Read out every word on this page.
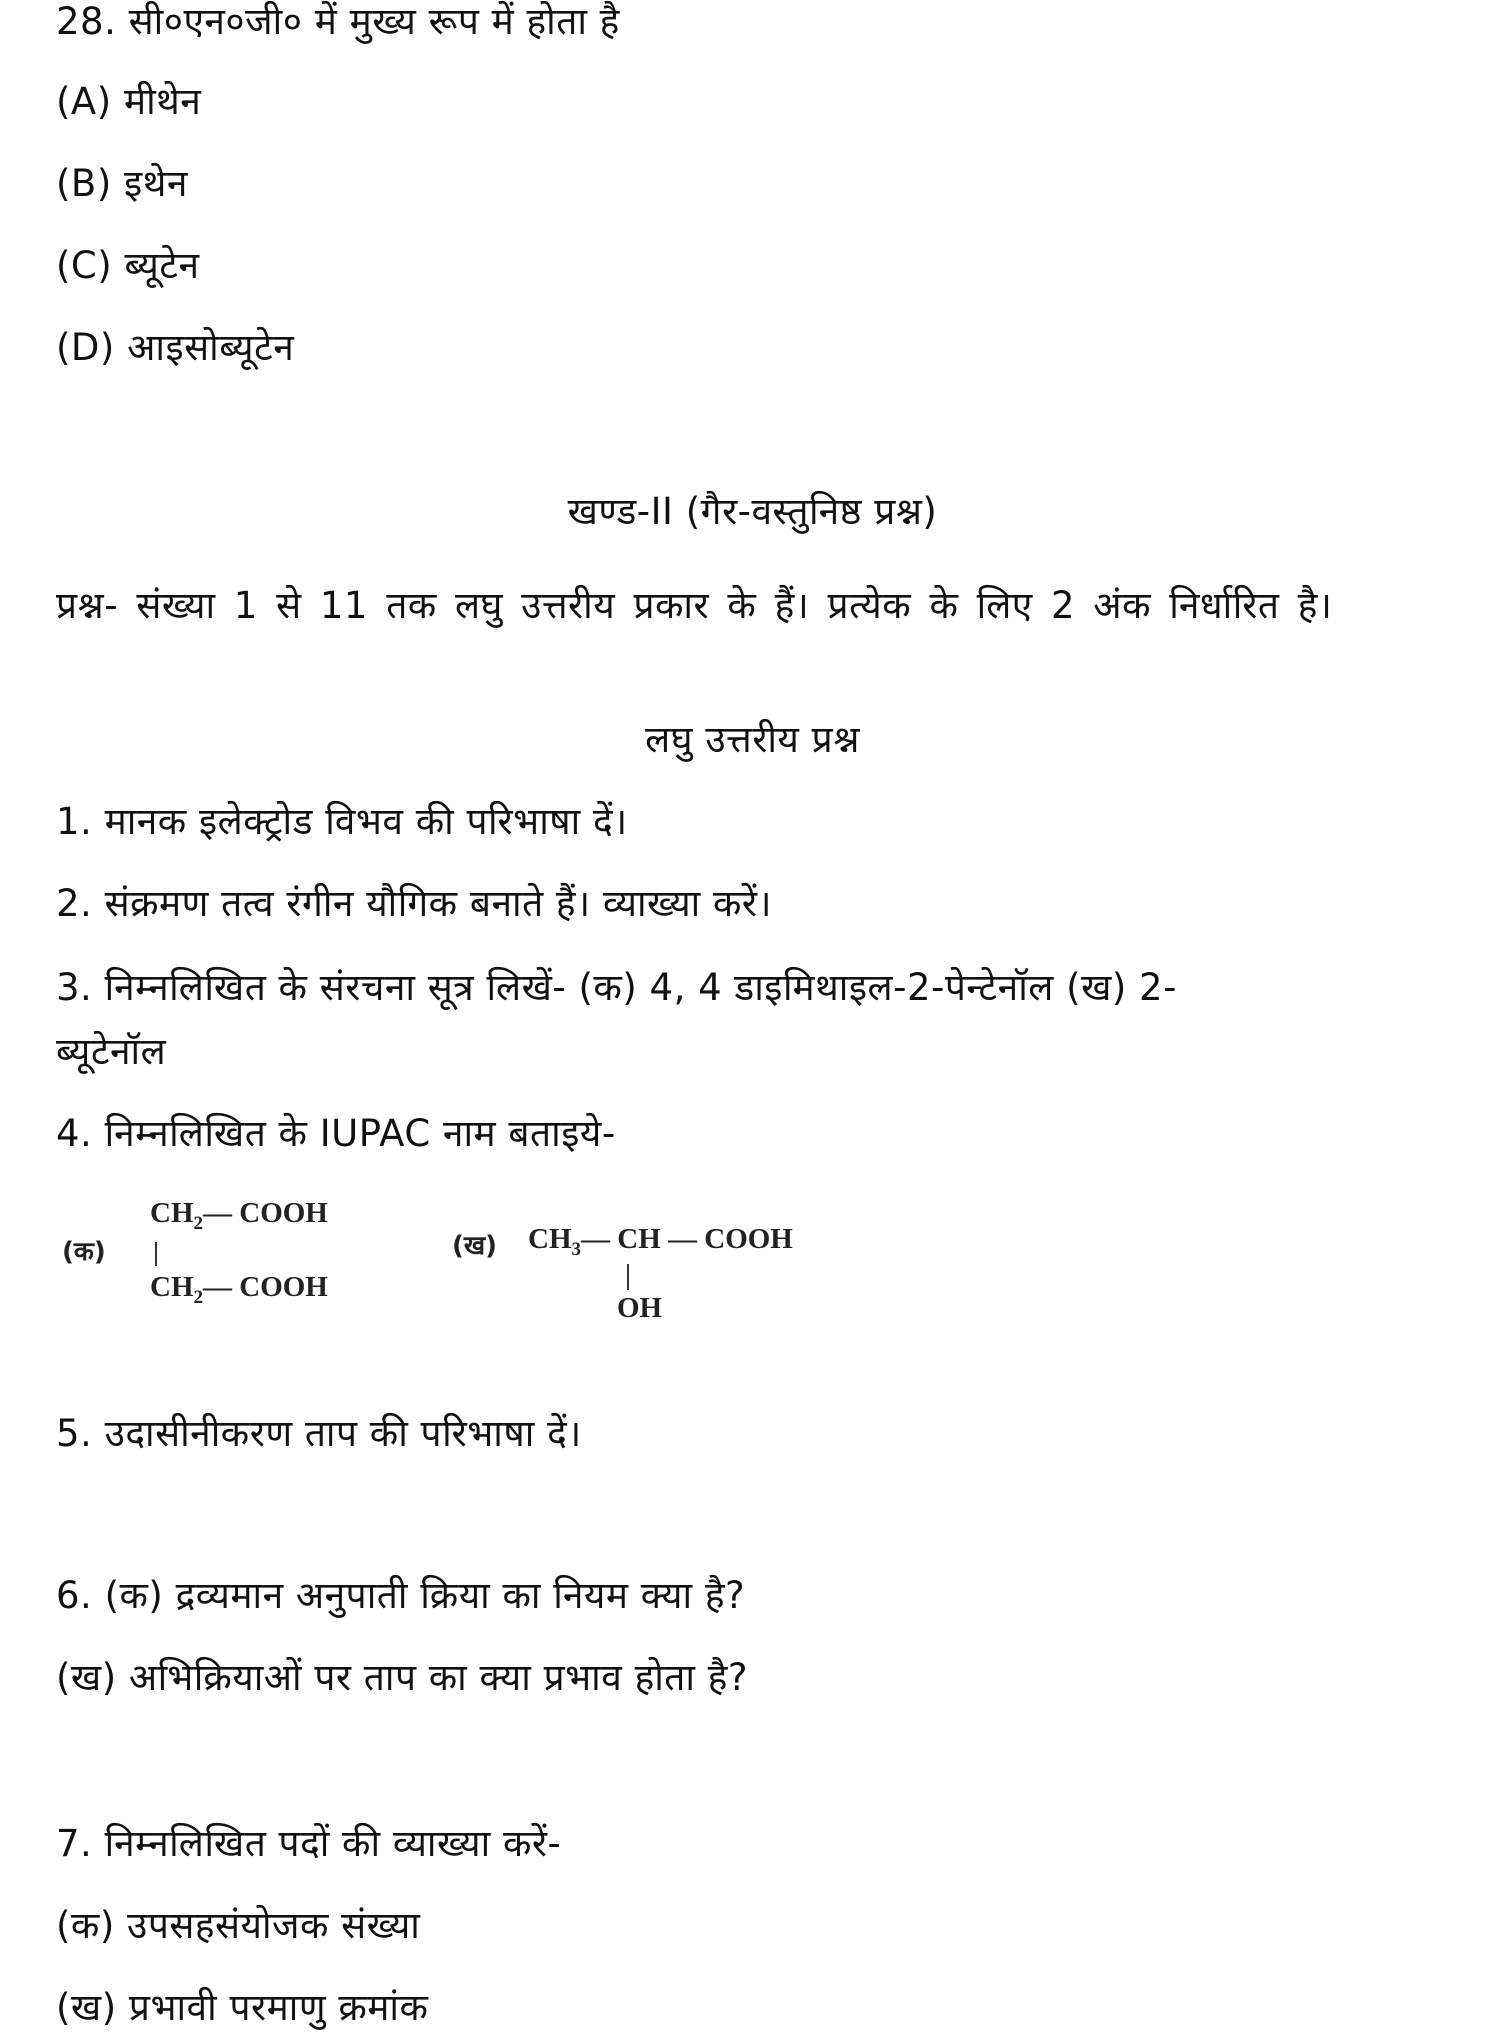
28. सी०एन०जी० में मुख्य रूप में होता है
(A) मीथेन
(B) इथेन
(C) ब्यूटेन
(D) आइसोब्यूटेन
खण्ड-II (गैर-वस्तुनिष्ठ प्रश्न)
प्रश्न- संख्या 1 से 11 तक लघु उत्तरीय प्रकार के हैं। प्रत्येक के लिए 2 अंक निर्धारित है।
लघु उत्तरीय प्रश्न
1. मानक इलेक्ट्रोड विभव की परिभाषा दें।
2. संक्रमण तत्व रंगीन यौगिक बनाते हैं। व्याख्या करें।
3. निम्नलिखित के संरचना सूत्र लिखें- (क) 4, 4 डाइमिथाइल-2-पेन्टेनॉल (ख) 2-
ब्यूटेनॉल
4. निम्नलिखित के IUPAC नाम बताइये-
(क)
$CH_2—$ COOH
$CH_2—$ COOH
(ख) $CH_3—$ CH — COOH
OH
5. उदासीनीकरण ताप की परिभाषा दें।
6. (क) द्रव्यमान अनुपाती क्रिया का नियम क्या है?
(ख) अभिक्रियाओं पर ताप का क्या प्रभाव होता है?
7. निम्नलिखित पदों की व्याख्या करें-
(क) उपसहसंयोजक संख्या
(ख) प्रभावी परमाणु क्रमांक
